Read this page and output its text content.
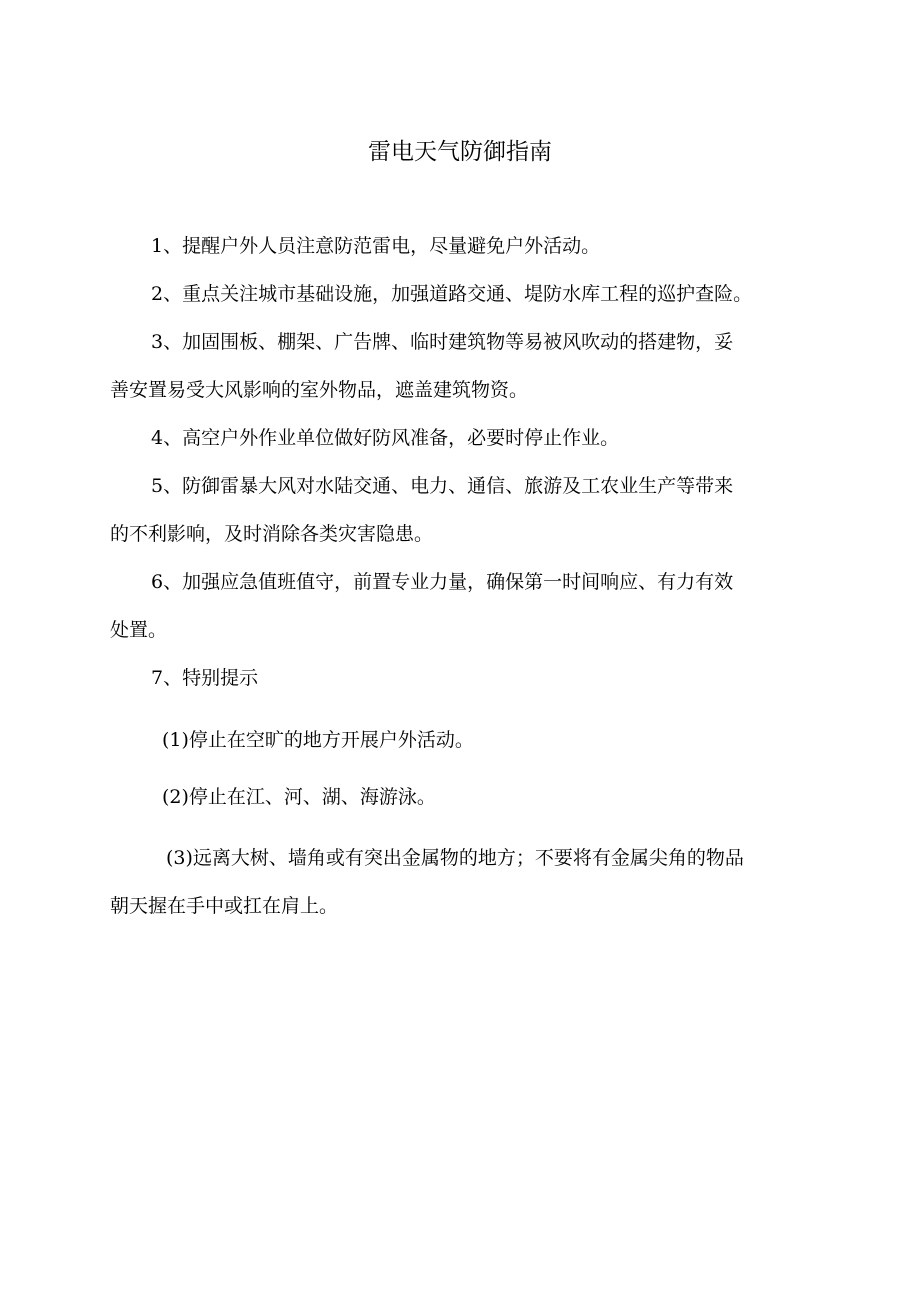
雷电天气防御指南
1、提醒户外人员注意防范雷电，尽量避免户外活动。
2、重点关注城市基础设施，加强道路交通、堤防水库工程的巡护查险。
3、加固围板、棚架、广告牌、临时建筑物等易被风吹动的搭建物，妥
善安置易受大风影响的室外物品，遮盖建筑物资。
4、高空户外作业单位做好防风准备，必要时停止作业。
5、防御雷暴大风对水陆交通、电力、通信、旅游及工农业生产等带来
的不利影响，及时消除各类灾害隐患。
6、加强应急值班值守，前置专业力量，确保第一时间响应、有力有效
处置。
7、特别提示
(1)停止在空旷的地方开展户外活动。
(2)停止在江、河、湖、海游泳。
(3)远离大树、墙角或有突出金属物的地方；不要将有金属尖角的物品
朝天握在手中或扛在肩上。
